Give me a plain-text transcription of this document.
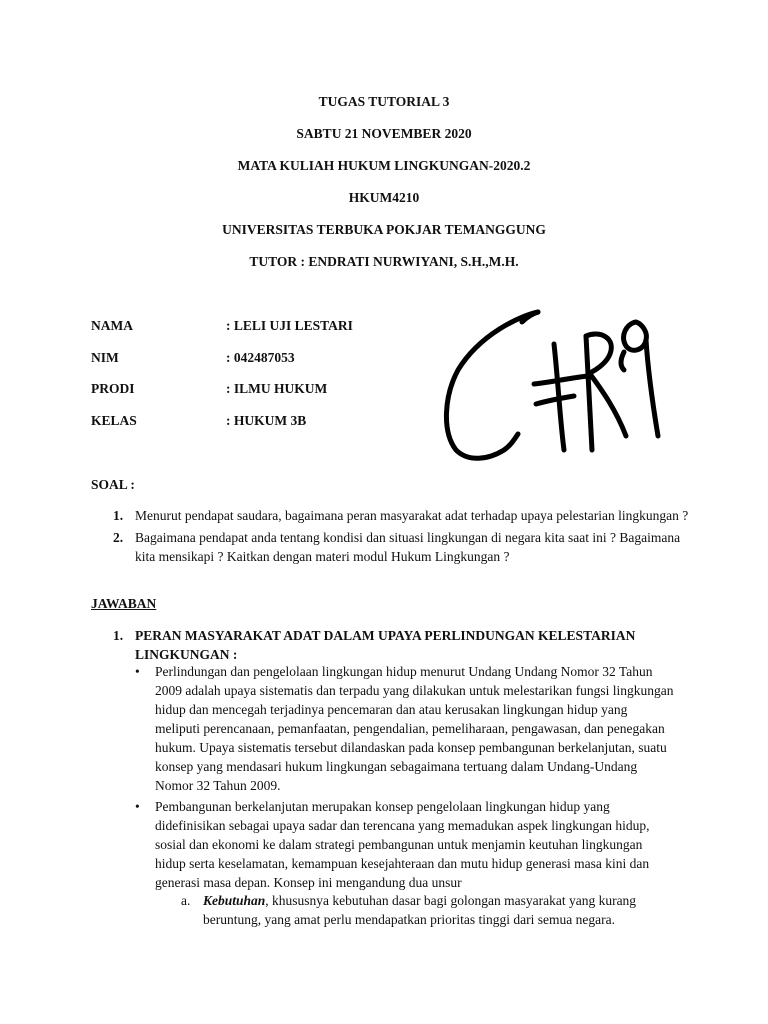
TUGAS TUTORIAL 3
SABTU 21 NOVEMBER 2020
MATA KULIAH HUKUM LINGKUNGAN-2020.2
HKUM4210
UNIVERSITAS TERBUKA POKJAR TEMANGGUNG
TUTOR : ENDRATI NURWIYANI, S.H.,M.H.
NAMA	: LELI UJI LESTARI
NIM	: 042487053
PRODI	: ILMU HUKUM
KELAS	: HUKUM 3B
SOAL :
1. Menurut pendapat saudara, bagaimana peran masyarakat adat terhadap upaya pelestarian lingkungan ?
2. Bagaimana pendapat anda tentang kondisi dan situasi lingkungan di negara kita saat ini ? Bagaimana kita mensikapi ? Kaitkan dengan materi modul Hukum Lingkungan ?
JAWABAN
1. PERAN MASYARAKAT ADAT DALAM UPAYA PERLINDUNGAN KELESTARIAN LINGKUNGAN :
• Perlindungan dan pengelolaan lingkungan hidup menurut Undang Undang Nomor 32 Tahun 2009 adalah upaya sistematis dan terpadu yang dilakukan untuk melestarikan fungsi lingkungan hidup dan mencegah terjadinya pencemaran dan atau kerusakan lingkungan hidup yang meliputi perencanaan, pemanfaatan, pengendalian, pemeliharaan, pengawasan, dan penegakan hukum. Upaya sistematis tersebut dilandaskan pada konsep pembangunan berkelanjutan, suatu konsep yang mendasari hukum lingkungan sebagaimana tertuang dalam Undang-Undang Nomor 32 Tahun 2009.
• Pembangunan berkelanjutan merupakan konsep pengelolaan lingkungan hidup yang didefinisikan sebagai upaya sadar dan terencana yang memadukan aspek lingkungan hidup, sosial dan ekonomi ke dalam strategi pembangunan untuk menjamin keutuhan lingkungan hidup serta keselamatan, kemampuan kesejahteraan dan mutu hidup generasi masa kini dan generasi masa depan. Konsep ini mengandung dua unsur
a. Kebutuhan, khususnya kebutuhan dasar bagi golongan masyarakat yang kurang beruntung, yang amat perlu mendapatkan prioritas tinggi dari semua negara.
